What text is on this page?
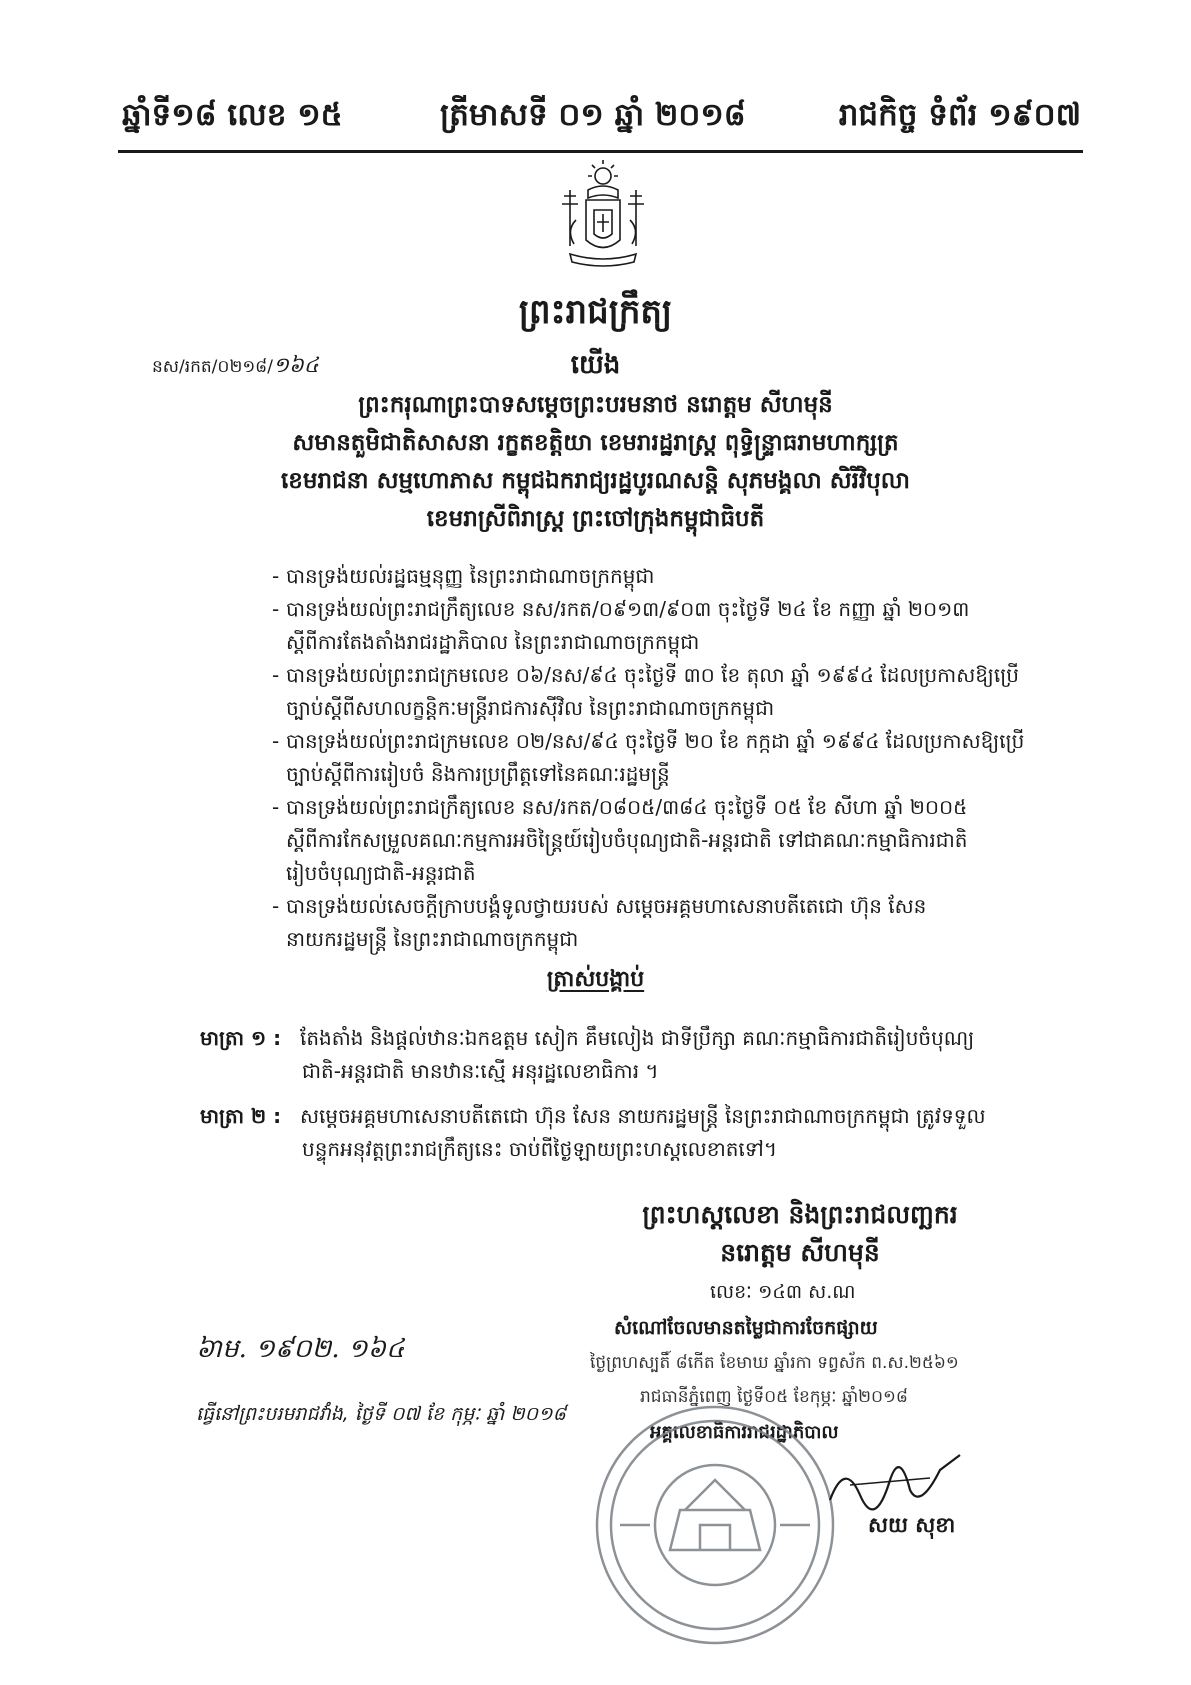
ឆ្នាំទី១៨ លេខ ១៥	ត្រីមាសទី ០១ ឆ្នាំ ២០១៨	រាជកិច្ច ទំព័រ ១៩០៧
ព្រះរាជក្រឹត្យ
នស/រកត/០២១៨/១៦៤	យើង
ព្រះករុណាព្រះបាទសម្តេចព្រះបរមនាថ នរោត្តម សីហមុនី
សមានតួមិជាតិសាសនា រក្ខតខត្តិយា ខេមរារដ្ឋរាស្ត្រ ពុទ្ធិន្ទ្រាធរាមហាក្សត្រ
ខេមរាជនា សម្មហោភាស កម្ពុជឯករាជ្យរដ្ឋបូរណសន្តិ សុភមង្គលា សិរីវិបុលា
ខេមរាស្រីពិរាស្ត្រ ព្រះចៅក្រុងកម្ពុជាធិបតី
- បានទ្រង់យល់រដ្ឋធម្មនុញ្ញ នៃព្រះរាជាណាចក្រកម្ពុជា
- បានទ្រង់យល់ព្រះរាជក្រឹត្យលេខ នស/រកត/០៩១៣/៩០៣ ចុះថ្ងៃទី ២៤ ខែ កញ្ញា ឆ្នាំ ២០១៣
ស្តីពីការតែងតាំងរាជរដ្ឋាភិបាល នៃព្រះរាជាណាចក្រកម្ពុជា
- បានទ្រង់យល់ព្រះរាជក្រមលេខ ០៦/នស/៩៤ ចុះថ្ងៃទី ៣០ ខែ តុលា ឆ្នាំ ១៩៩៤ ដែលប្រកាសឱ្យប្រើ
ច្បាប់ស្តីពីសហលក្ខន្តិកៈមន្ត្រីរាជការស៊ីវិល នៃព្រះរាជាណាចក្រកម្ពុជា
- បានទ្រង់យល់ព្រះរាជក្រមលេខ ០២/នស/៩៤ ចុះថ្ងៃទី ២០ ខែ កក្កដា ឆ្នាំ ១៩៩៤ ដែលប្រកាសឱ្យប្រើ
ច្បាប់ស្តីពីការរៀបចំ និងការប្រព្រឹត្តទៅនៃគណៈរដ្ឋមន្ត្រី
- បានទ្រង់យល់ព្រះរាជក្រឹត្យលេខ នស/រកត/០៨០៥/៣៨៤ ចុះថ្ងៃទី ០៥ ខែ សីហា ឆ្នាំ ២០០៥
ស្តីពីការកែសម្រួលគណៈកម្មការអចិន្ត្រៃយ៍រៀបចំបុណ្យជាតិ-អន្តរជាតិ ទៅជាគណៈកម្មាធិការជាតិ
រៀបចំបុណ្យជាតិ-អន្តរជាតិ
- បានទ្រង់យល់សេចក្តីក្រាបបង្គំទូលថ្វាយរបស់ សម្តេចអគ្គមហាសេនាបតីតេជោ ហ៊ុន សែន
នាយករដ្ឋមន្ត្រី នៃព្រះរាជាណាចក្រកម្ពុជា
ត្រាស់បង្គាប់
មាត្រា ១ : តែងតាំង និងផ្តល់ឋានៈឯកឧត្តម សៀក គឹមលៀង ជាទីប្រឹក្សា គណៈកម្មាធិការជាតិរៀបចំបុណ្យ
ជាតិ-អន្តរជាតិ មានឋានៈស្មើ អនុរដ្ឋលេខាធិការ ។
មាត្រា ២ : សម្តេចអគ្គមហាសេនាបតីតេជោ ហ៊ុន សែន នាយករដ្ឋមន្ត្រី នៃព្រះរាជាណាចក្រកម្ពុជា ត្រូវទទួល
បន្ទុកអនុវត្តព្រះរាជក្រឹត្យនេះ ចាប់ពីថ្ងៃឡាយព្រះហស្តលេខាតទៅ។
ព្រះហស្តលេខា និងព្រះរាជលញ្ឆករ
នរោត្តម សីហមុនី
លេខៈ ១៤៣ ស.ណ
សំណៅចែលមានតម្លៃជាការចែកផ្សាយ
ថ្ងៃព្រហស្បតិ៍ ៨កើត ខែមាឃ ឆ្នាំរកា ទព្វស័ក ព.ស.២៥៦១
រាជធានីភ្នំពេញ ថ្ងៃទី០៥ ខែកុម្ភៈ ឆ្នាំ២០១៨
អគ្គលេខាធិការរាជរដ្ឋាភិបាល
សយ សុខា
៦ាម. ១៩០២. ១៦៤
ធ្វើនៅព្រះបរមរាជវាំង, ថ្ងៃទី ០៧ ខែ កុម្ភៈ ឆ្នាំ ២០១៨
